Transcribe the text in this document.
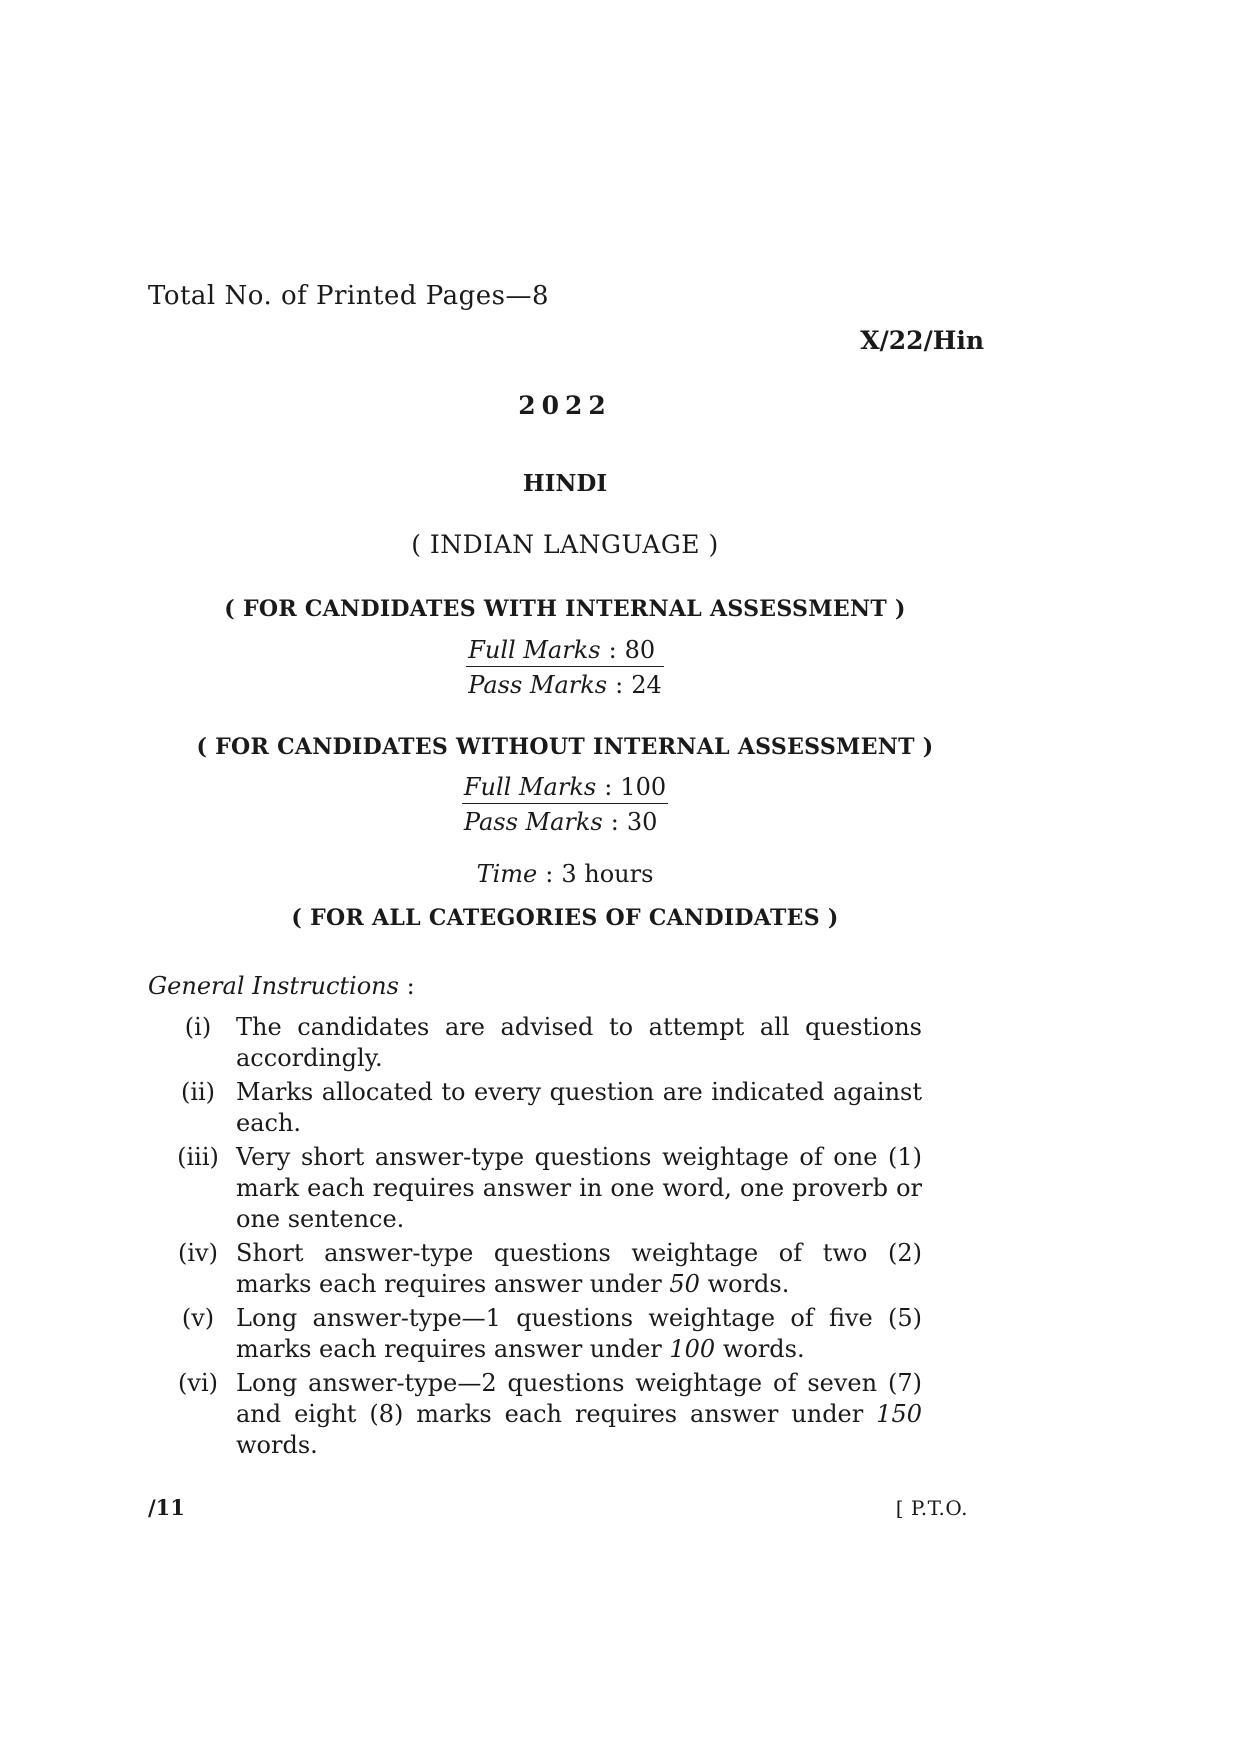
Total No. of Printed Pages—8
X/22/Hin
2022
HINDI
( INDIAN LANGUAGE )
( FOR CANDIDATES WITH INTERNAL ASSESSMENT )
Full Marks : 80
Pass Marks : 24
( FOR CANDIDATES WITHOUT INTERNAL ASSESSMENT )
Full Marks : 100
Pass Marks : 30
Time : 3 hours
( FOR ALL CATEGORIES OF CANDIDATES )
General Instructions :
(i)	The candidates are advised to attempt all questions accordingly.
(ii) Marks allocated to every question are indicated against each.
(iii) Very short answer-type questions weightage of one (1) mark each requires answer in one word, one proverb or one sentence.
(iv) Short answer-type questions weightage of two (2) marks each requires answer under 50 words.
(v) Long answer-type—1 questions weightage of five (5) marks each requires answer under 100 words.
(vi) Long answer-type—2 questions weightage of seven (7) and eight (8) marks each requires answer under 150 words.
/11	[ P.T.O.
